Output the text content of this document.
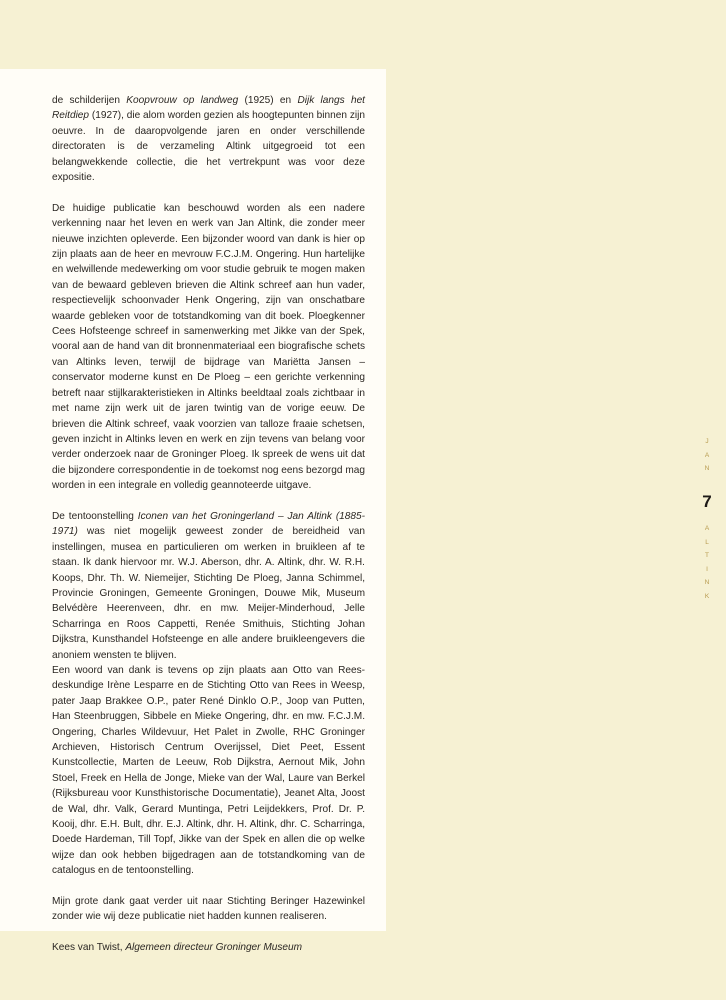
de schilderijen Koopvrouw op landweg (1925) en Dijk langs het Reitdiep (1927), die alom worden gezien als hoogtepunten binnen zijn oeuvre. In de daaropvolgende jaren en onder verschillende directoraten is de verzameling Altink uitgegroeid tot een belangwekkende collectie, die het vertrekpunt was voor deze expositie.

De huidige publicatie kan beschouwd worden als een nadere verkenning naar het leven en werk van Jan Altink, die zonder meer nieuwe inzichten opleverde. Een bijzonder woord van dank is hier op zijn plaats aan de heer en mevrouw F.C.J.M. Ongering. Hun hartelijke en welwillende medewerking om voor studie gebruik te mogen maken van de bewaard gebleven brieven die Altink schreef aan hun vader, respectievelijk schoonvader Henk Ongering, zijn van onschatbare waarde gebleken voor de totstandkoming van dit boek. Ploegkenner Cees Hofsteenge schreef in samenwerking met Jikke van der Spek, vooral aan de hand van dit bronnenmateriaal een biografische schets van Altinks leven, terwijl de bijdrage van Mariëtta Jansen – conservator moderne kunst en De Ploeg – een gerichte verkenning betreft naar stijlkarakteristieken in Altinks beeldtaal zoals zichtbaar in met name zijn werk uit de jaren twintig van de vorige eeuw. De brieven die Altink schreef, vaak voorzien van talloze fraaie schetsen, geven inzicht in Altinks leven en werk en zijn tevens van belang voor verder onderzoek naar de Groninger Ploeg. Ik spreek de wens uit dat die bijzondere correspondentie in de toekomst nog eens bezorgd mag worden in een integrale en volledig geannoteerde uitgave.

De tentoonstelling Iconen van het Groningerland – Jan Altink (1885-1971) was niet mogelijk geweest zonder de bereidheid van instellingen, musea en particulieren om werken in bruikleen af te staan. Ik dank hiervoor mr. W.J. Aberson, dhr. A. Altink, dhr. W. R.H. Koops, Dhr. Th. W. Niemeijer, Stichting De Ploeg, Janna Schimmel, Provincie Groningen, Gemeente Groningen, Douwe Mik, Museum Belvédère Heerenveen, dhr. en mw. Meijer-Minderhoud, Jelle Scharringa en Roos Cappetti, Renée Smithuis, Stichting Johan Dijkstra, Kunsthandel Hofsteenge en alle andere bruikleengevers die anoniem wensten te blijven.

Een woord van dank is tevens op zijn plaats aan Otto van Rees-deskundige Irène Lesparre en de Stichting Otto van Rees in Weesp, pater Jaap Brakkee O.P., pater René Dinklo O.P., Joop van Putten, Han Steenbruggen, Sibbele en Mieke Ongering, dhr. en mw. F.C.J.M. Ongering, Charles Wildevuur, Het Palet in Zwolle, RHC Groninger Archieven, Historisch Centrum Overijssel, Diet Peet, Essent Kunstcollectie, Marten de Leeuw, Rob Dijkstra, Aernout Mik, John Stoel, Freek en Hella de Jonge, Mieke van der Wal, Laure van Berkel (Rijksbureau voor Kunsthistorische Documentatie), Jeanet Alta, Joost de Wal, dhr. Valk, Gerard Muntinga, Petri Leijdekkers, Prof. Dr. P. Kooij, dhr. E.H. Bult, dhr. E.J. Altink, dhr. H. Altink, dhr. C. Scharringa, Doede Hardeman, Till Topf, Jikke van der Spek en allen die op welke wijze dan ook hebben bijgedragen aan de totstandkoming van de catalogus en de tentoonstelling.

Mijn grote dank gaat verder uit naar Stichting Beringer Hazewinkel zonder wie wij deze publicatie niet hadden kunnen realiseren.

Kees van Twist, Algemeen directeur Groninger Museum

J
A
N
7
A
L
T
I
N
K
